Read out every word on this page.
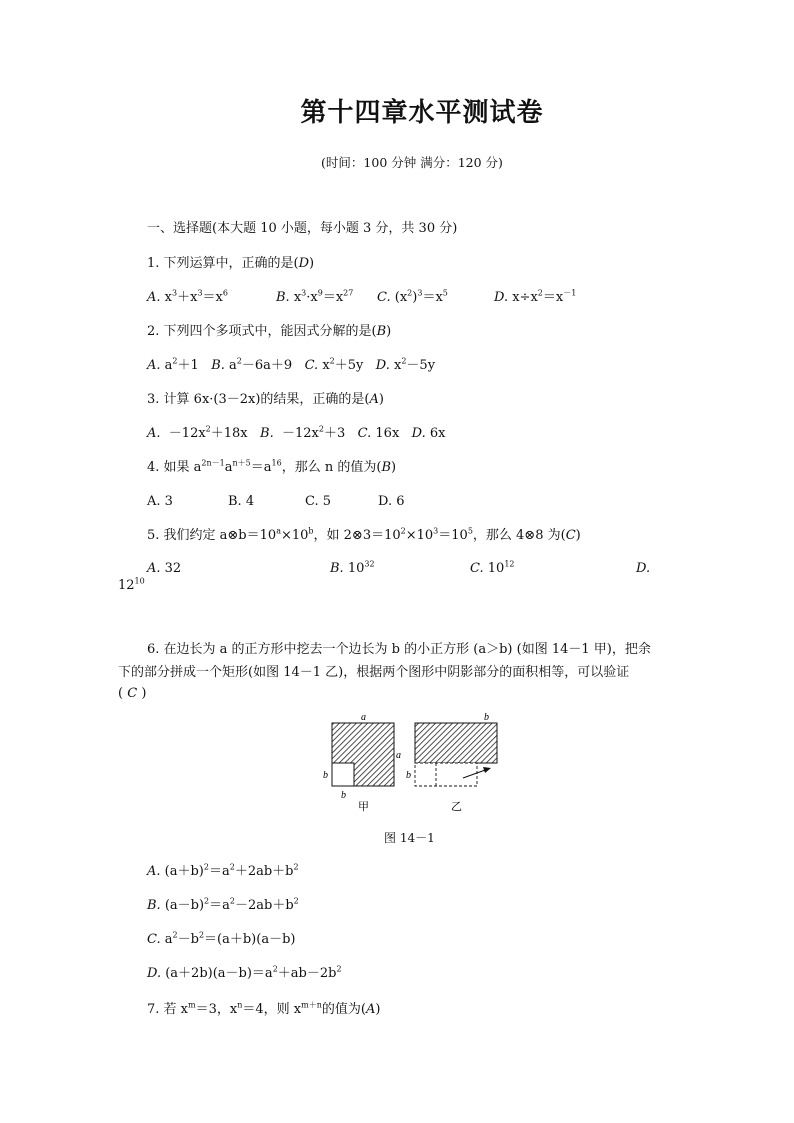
第十四章水平测试卷
(时间：100 分钟 满分：120 分)
一、选择题(本大题 10 小题，每小题 3 分，共 30 分)
1. 下列运算中，正确的是(D)
A. $x^3+x^3=x^6$	B. $x^3\cdot x^9=x^{27}$ C. $(x^2)^3=x^5$	D. $x\div x^2=x^{-1}$
2. 下列四个多项式中，能因式分解的是(B)
A. $a^2+1$   B. $a^2-6a+9$   C. $x^2+5y$   D. $x^2-5y$
3. 计算 6x·(3－2x)的结果，正确的是(A)
A.  $-12x^2+18x$   B.  $-12x^2+3$   C. 16x   D. 6x
4. 如果 $a^{2n-1}a^{n+5}=a^{16}$，那么 n 的值为(B)
A. 3	B. 4	C. 5	D. 6
5. 我们约定 $a\otimes b=10^a\times 10^b$，如 $2\otimes 3=10^2\times 10^3=10^5$，那么 4⊗8 为(C)
A. 32	B. $10^{32}$	C. $10^{12}$	D.
$12^{10}$
6. 在边长为 a 的正方形中挖去一个边长为 b 的小正方形 (a＞b) (如图 14－1 甲)，把余
下的部分拼成一个矩形(如图 14－1 乙)，根据两个图形中阴影部分的面积相等，可以验证
( C )
a
a
b
b
甲
b
b
乙
图 14－1
A. $(a+b)^2=a^2+2ab+b^2$
B. $(a-b)^2=a^2-2ab+b^2$
C. $a^2-b^2=(a+b)(a-b)$
D. $(a+2b)(a-b)=a^2+ab-2b^2$
7. 若 $x^m=3$，$x^n=4$，则 $x^{m+n}$的值为(A)
